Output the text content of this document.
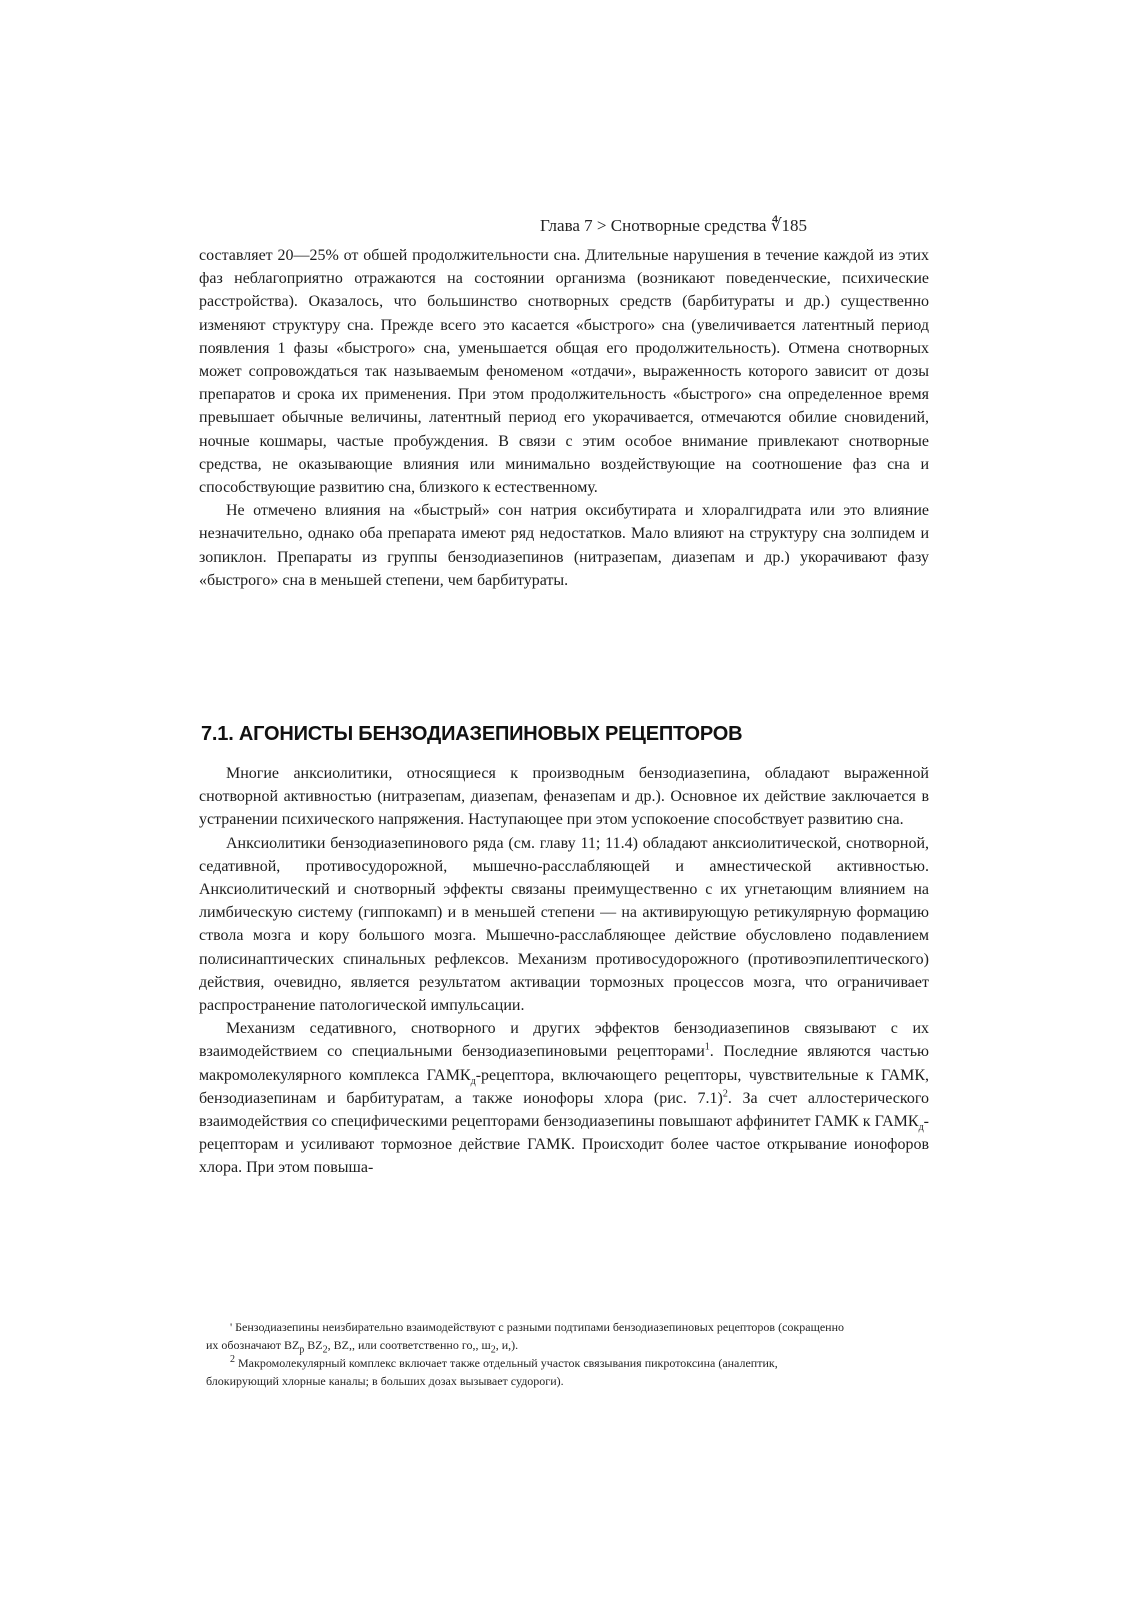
Глава 7 > Снотворные средства ∜185

составляет 20—25% от обшей продолжительности сна. Длительные нарушения в течение каждой из этих фаз неблагоприятно отражаются на состоянии организма (возникают поведенческие, психические расстройства). Оказалось, что большинство снотворных средств (барбитураты и др.) существенно изменяют структуру сна. Прежде всего это касается «быстрого» сна (увеличивается латентный период появления 1 фазы «быстрого» сна, уменьшается общая его продолжительность). Отмена снотворных может сопровождаться так называемым феноменом «отдачи», выраженность которого зависит от дозы препаратов и срока их применения. При этом продолжительность «быстрого» сна определенное время превышает обычные величины, латентный период его укорачивается, отмечаются обилие сновидений, ночные кошмары, частые пробуждения. В связи с этим особое внимание привлекают снотворные средства, не оказывающие влияния или минимально воздействующие на соотношение фаз сна и способствующие развитию сна, близкого к естественному.

Не отмечено влияния на «быстрый» сон натрия оксибутирата и хлоралгидрата или это влияние незначительно, однако оба препарата имеют ряд недостатков. Мало влияют на структуру сна золпидем и зопиклон. Препараты из группы бензодиазепинов (нитразепам, диазепам и др.) укорачивают фазу «быстрого» сна в меньшей степени, чем барбитураты.

7.1. АГОНИСТЫ БЕНЗОДИАЗЕПИНОВЫХ РЕЦЕПТОРОВ

Многие анксиолитики, относящиеся к производным бензодиазепина, обладают выраженной снотворной активностью (нитразепам, диазепам, феназепам и др.). Основное их действие заключается в устранении психического напряжения. Наступающее при этом успокоение способствует развитию сна.

Анксиолитики бензодиазепинового ряда (см. главу 11; 11.4) обладают анксиолитической, снотворной, седативной, противосудорожной, мышечно-расслабляющей и амнестической активностью. Анксиолитический и снотворный эффекты связаны преимущественно с их угнетающим влиянием на лимбическую систему (гиппокамп) и в меньшей степени — на активирующую ретикулярную формацию ствола мозга и кору большого мозга. Мышечно-расслабляющее действие обусловлено подавлением полисинаптических спинальных рефлексов. Механизм противосудорожного (противоэпилептического) действия, очевидно, является результатом активации тормозных процессов мозга, что ограничивает распространение патологической импульсации.

Механизм седативного, снотворного и других эффектов бензодиазепинов связывают с их взаимодействием со специальными бензодиазепиновыми рецепторами$^1$. Последние являются частью макромолекулярного комплекса $ГАМК_д$-рецептора, включающего рецепторы, чувствительные к ГАМК, бензодиазепинам и барбитуратам, а также ионофоры хлора (рис. 7.1)$^2$. За счет аллостерического взаимодействия со специфическими рецепторами бензодиазепины повышают аффинитет ГАМК к $ГАМК_д$-рецепторам и усиливают тормозное действие ГАМК. Происходит более частое открывание ионофоров хлора. При этом повыша-

' Бензодиазепины неизбирательно взаимодействуют с разными подтипами бензодиазепиновых рецепторов (сокращенно их обозначают $BZ_р$ $BZ_2$, BZ,, или соответственно го,, $ш_2$, и,).

$^2$ Макромолекулярный комплекс включает также отдельный участок связывания пикротоксина (аналептик, блокирующий хлорные каналы; в больших дозах вызывает судороги).
